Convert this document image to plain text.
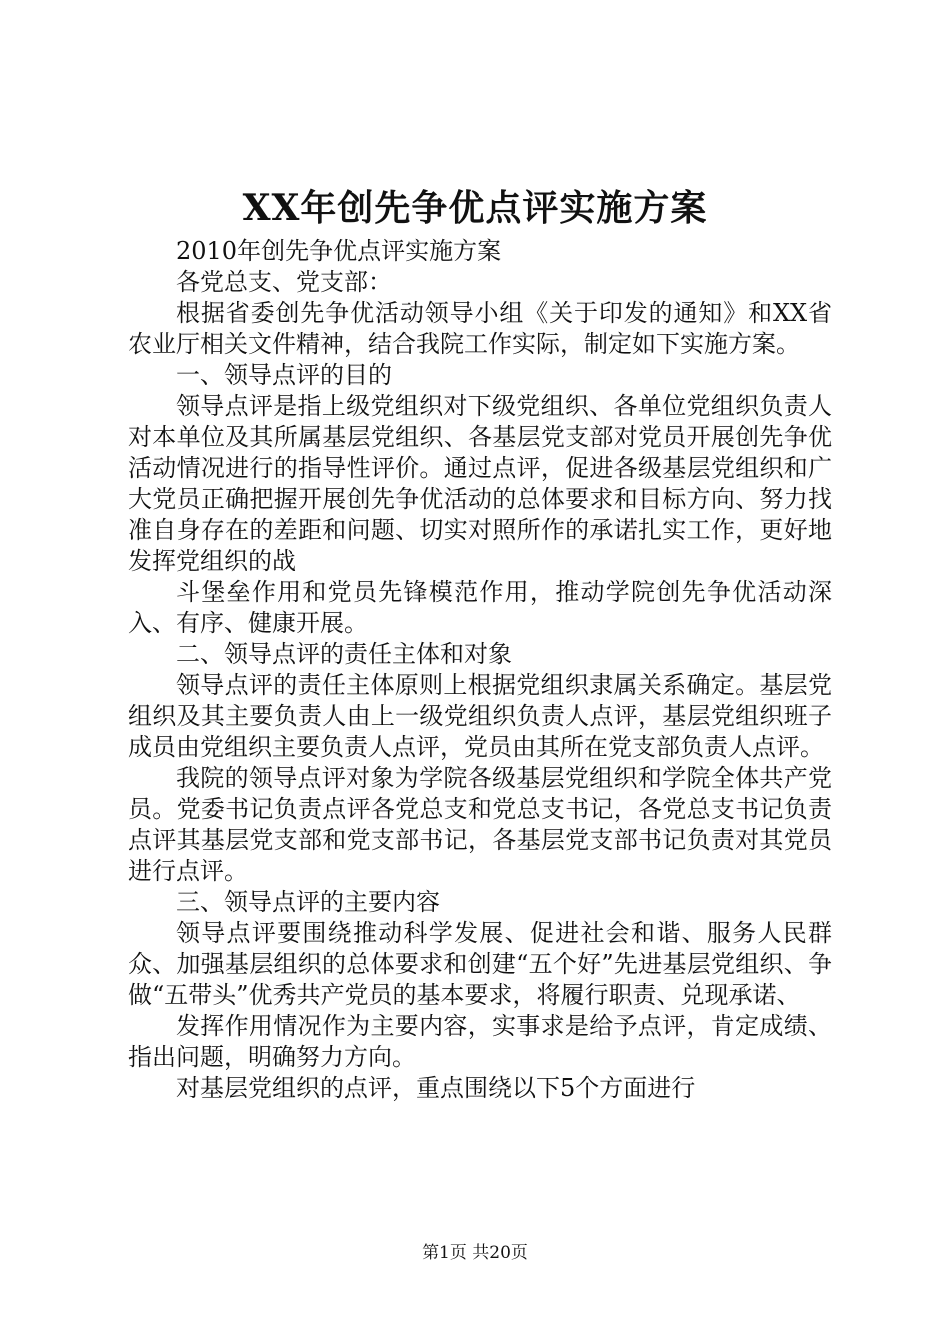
XX年创先争优点评实施方案

2010年创先争优点评实施方案

各党总支、党支部：

根据省委创先争优活动领导小组《关于印发的通知》和XX省农业厅相关文件精神，结合我院工作实际，制定如下实施方案。

一、领导点评的目的

领导点评是指上级党组织对下级党组织、各单位党组织负责人对本单位及其所属基层党组织、各基层党支部对党员开展创先争优活动情况进行的指导性评价。通过点评，促进各级基层党组织和广大党员正确把握开展创先争优活动的总体要求和目标方向、努力找准自身存在的差距和问题、切实对照所作的承诺扎实工作，更好地发挥党组织的战

斗堡垒作用和党员先锋模范作用，推动学院创先争优活动深入、有序、健康开展。

二、领导点评的责任主体和对象

领导点评的责任主体原则上根据党组织隶属关系确定。基层党组织及其主要负责人由上一级党组织负责人点评，基层党组织班子成员由党组织主要负责人点评，党员由其所在党支部负责人点评。

我院的领导点评对象为学院各级基层党组织和学院全体共产党员。党委书记负责点评各党总支和党总支书记，各党总支书记负责点评其基层党支部和党支部书记，各基层党支部书记负责对其党员进行点评。

三、领导点评的主要内容

领导点评要围绕推动科学发展、促进社会和谐、服务人民群众、加强基层组织的总体要求和创建“五个好”先进基层党组织、争做“五带头”优秀共产党员的基本要求，将履行职责、兑现承诺、

发挥作用情况作为主要内容，实事求是给予点评，肯定成绩、指出问题，明确努力方向。

对基层党组织的点评，重点围绕以下5个方面进行

第1页 共20页
